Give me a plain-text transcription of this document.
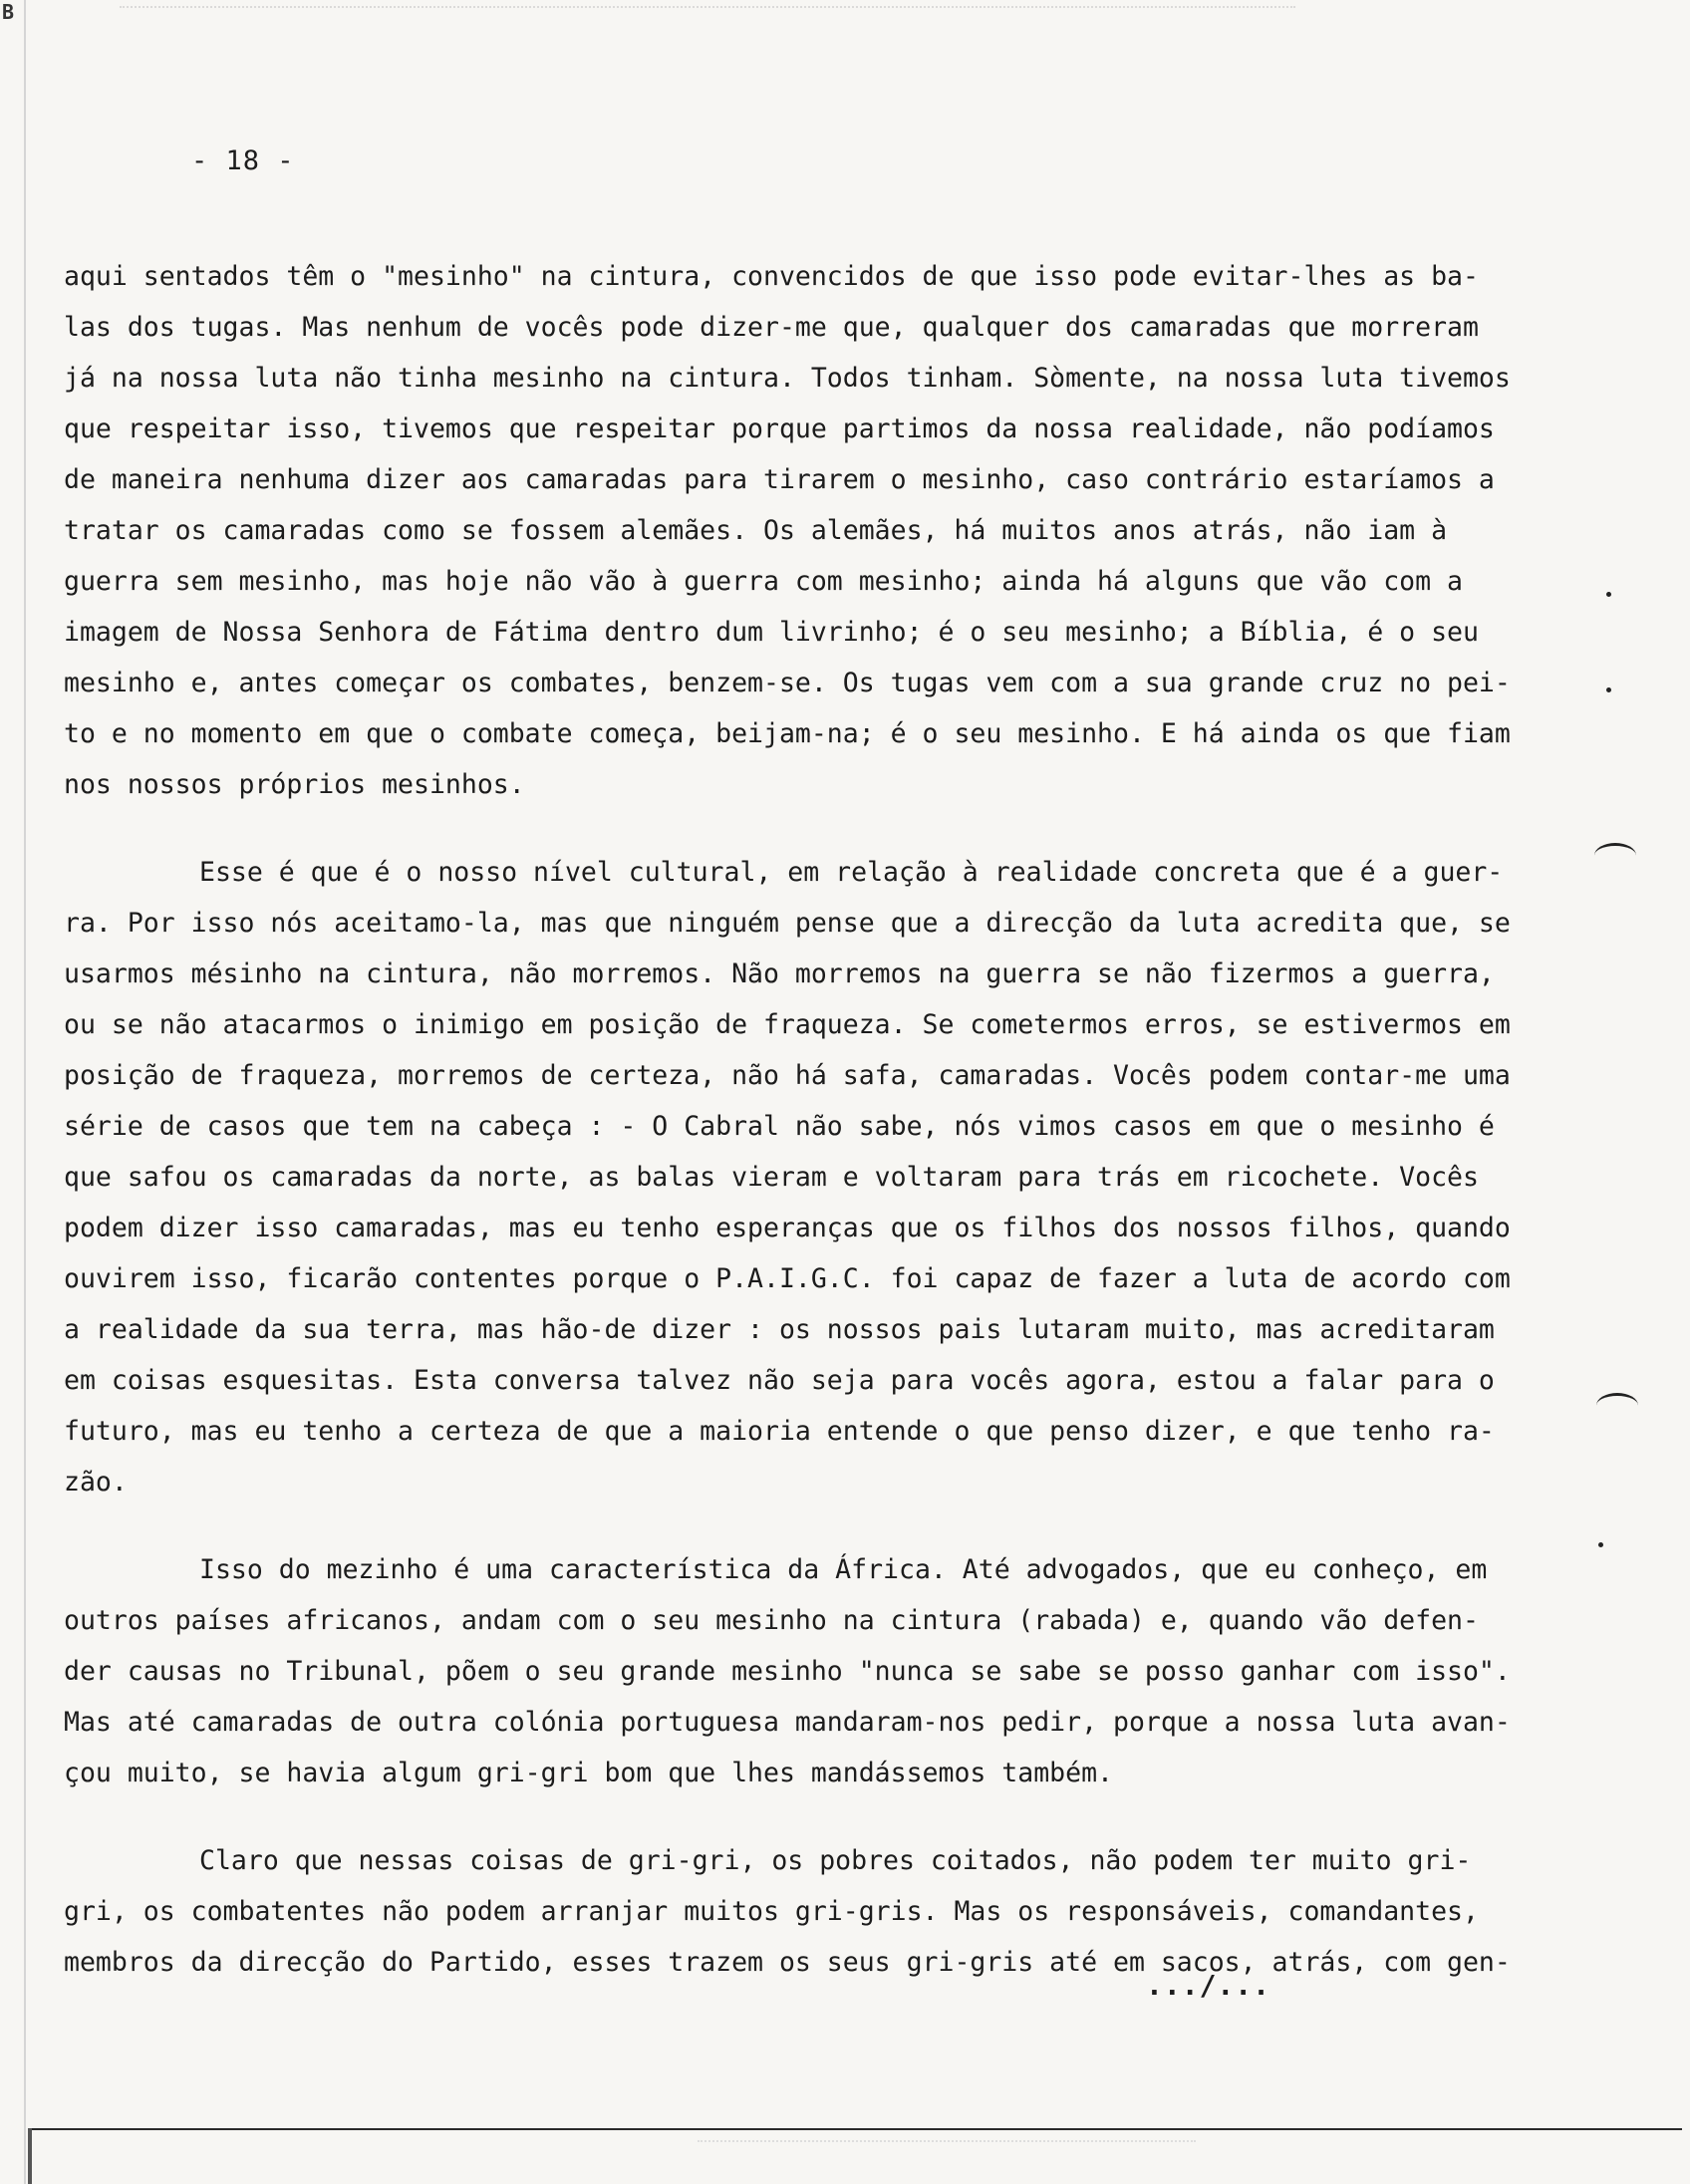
B
- 18 -
aqui sentados têm o "mesinho" na cintura, convencidos de que isso pode evitar-lhes as ba-
las dos tugas. Mas nenhum de vocês pode dizer-me que, qualquer dos camaradas que morreram
já na nossa luta não tinha mesinho na cintura. Todos tinham. Sòmente, na nossa luta tivemos
que respeitar isso, tivemos que respeitar porque partimos da nossa realidade, não podíamos
de maneira nenhuma dizer aos camaradas para tirarem o mesinho, caso contrário estaríamos a
tratar os camaradas como se fossem alemães. Os alemães, há muitos anos atrás, não iam à
guerra sem mesinho, mas hoje não vão à guerra com mesinho; ainda há alguns que vão com a
imagem de Nossa Senhora de Fátima dentro dum livrinho; é o seu mesinho; a Bíblia, é o seu
mesinho e, antes começar os combates, benzem-se. Os tugas vem com a sua grande cruz no pei-
to e no momento em que o combate começa, beijam-na; é o seu mesinho. E há ainda os que fiam
nos nossos próprios mesinhos.
Esse é que é o nosso nível cultural, em relação à realidade concreta que é a guer-
ra. Por isso nós aceitamo-la, mas que ninguém pense que a direcção da luta acredita que, se
usarmos mésinho na cintura, não morremos. Não morremos na guerra se não fizermos a guerra,
ou se não atacarmos o inimigo em posição de fraqueza. Se cometermos erros, se estivermos em
posição de fraqueza, morremos de certeza, não há safa, camaradas. Vocês podem contar-me uma
série de casos que tem na cabeça : - O Cabral não sabe, nós vimos casos em que o mesinho é
que safou os camaradas da norte, as balas vieram e voltaram para trás em ricochete. Vocês
podem dizer isso camaradas, mas eu tenho esperanças que os filhos dos nossos filhos, quando
ouvirem isso, ficarão contentes porque o P.A.I.G.C. foi capaz de fazer a luta de acordo com
a realidade da sua terra, mas hão-de dizer : os nossos pais lutaram muito, mas acreditaram
em coisas esquesitas. Esta conversa talvez não seja para vocês agora, estou a falar para o
futuro, mas eu tenho a certeza de que a maioria entende o que penso dizer, e que tenho ra-
zão.
Isso do mezinho é uma característica da África. Até advogados, que eu conheço, em
outros países africanos, andam com o seu mesinho na cintura (rabada) e, quando vão defen-
der causas no Tribunal, põem o seu grande mesinho "nunca se sabe se posso ganhar com isso".
Mas até camaradas de outra colónia portuguesa mandaram-nos pedir, porque a nossa luta avan-
çou muito, se havia algum gri-gri bom que lhes mandássemos também.
Claro que nessas coisas de gri-gri, os pobres coitados, não podem ter muito gri-
gri, os combatentes não podem arranjar muitos gri-gris. Mas os responsáveis, comandantes,
membros da direcção do Partido, esses trazem os seus gri-gris até em sacos, atrás, com gen-
.../...
